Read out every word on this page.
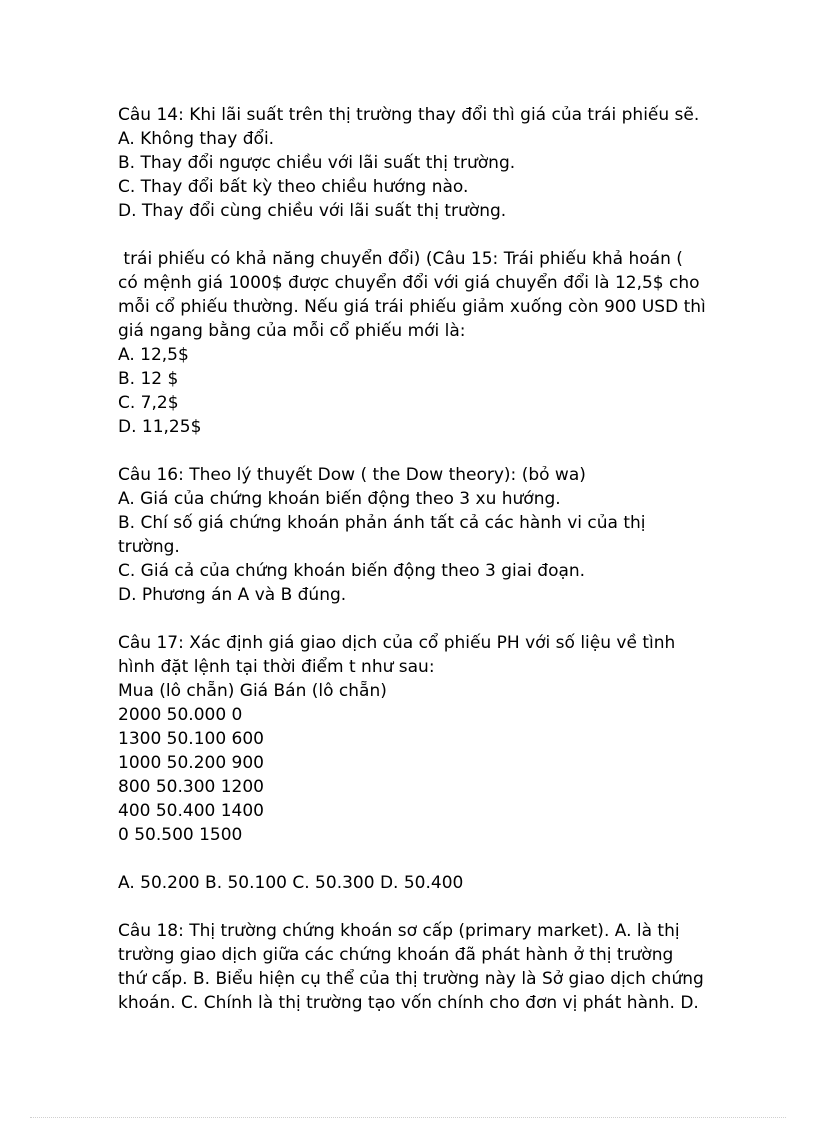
Câu 14: Khi lãi suất trên thị trường thay đổi thì giá của trái phiếu sẽ.

A. Không thay đổi.

B. Thay đổi ngược chiều với lãi suất thị trường.

C. Thay đổi bất kỳ theo chiều hướng nào.

D. Thay đổi cùng chiều với lãi suất thị trường.

trái phiếu có khả năng chuyển đổi) (Câu 15: Trái phiếu khả hoán (

có mệnh giá 1000$ được chuyển đổi với giá chuyển đổi là 12,5$ cho

mỗi cổ phiếu thường. Nếu giá trái phiếu giảm xuống còn 900 USD thì

giá ngang bằng của mỗi cổ phiếu mới là:

A. 12,5$

B. 12 $

C. 7,2$

D. 11,25$

Câu 16: Theo lý thuyết Dow ( the Dow theory): (bỏ wa)

A. Giá của chứng khoán biến động theo 3 xu hướng.

B. Chí số giá chứng khoán phản ánh tất cả các hành vi của thị

trường.

C. Giá cả của chứng khoán biến động theo 3 giai đoạn.

D. Phương án A và B đúng.

Câu 17: Xác định giá giao dịch của cổ phiếu PH với số liệu về tình

hình đặt lệnh tại thời điểm t như sau:

Mua (lô chẵn) Giá Bán (lô chẵn)

2000 50.000 0

1300 50.100 600

1000 50.200 900

800 50.300 1200

400 50.400 1400

0 50.500 1500

A. 50.200 B. 50.100 C. 50.300 D. 50.400

Câu 18: Thị trường chứng khoán sơ cấp (primary market). A. là thị

trường giao dịch giữa các chứng khoán đã phát hành ở thị trường

thứ cấp. B. Biểu hiện cụ thể của thị trường này là Sở giao dịch chứng

khoán. C. Chính là thị trường tạo vốn chính cho đơn vị phát hành. D.
